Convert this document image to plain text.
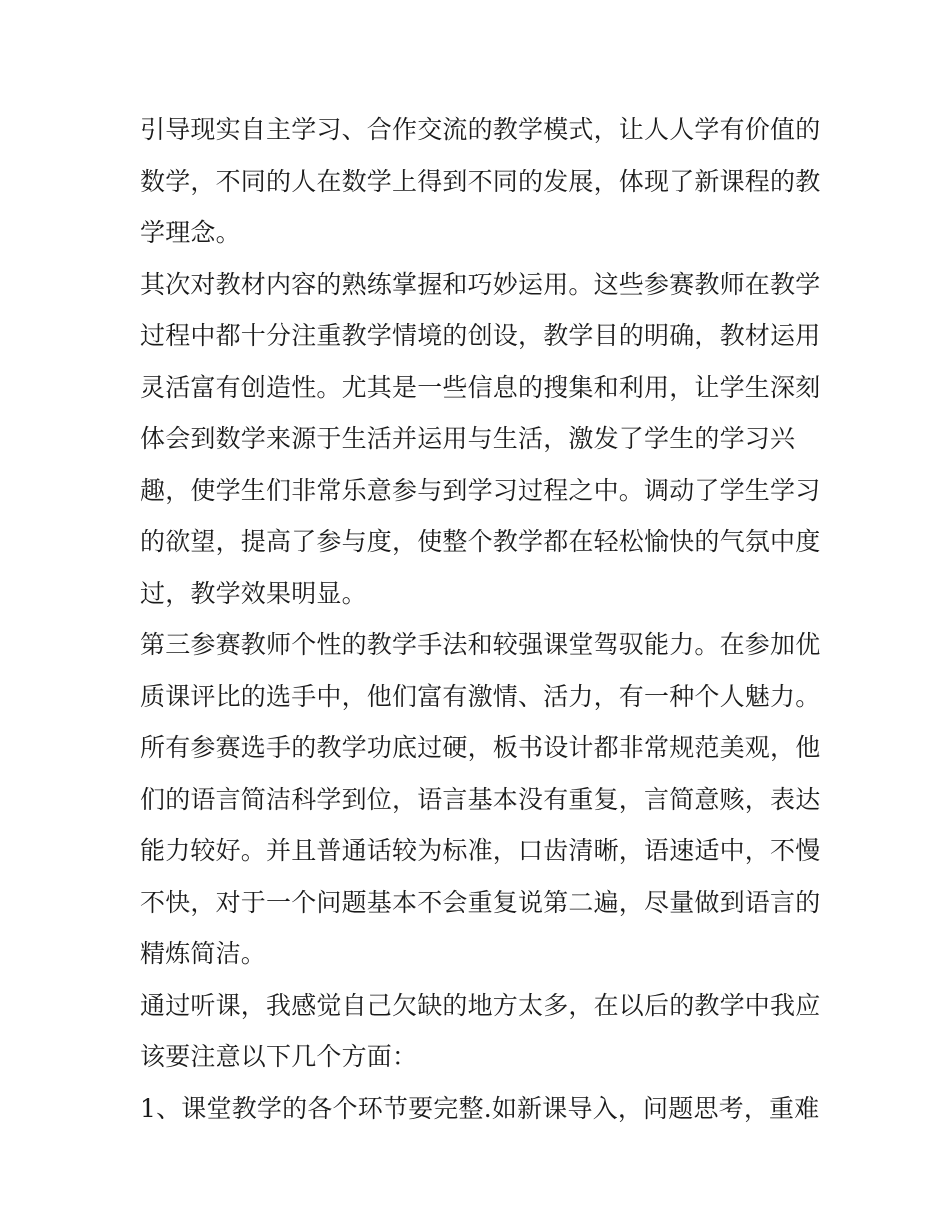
引导现实自主学习、合作交流的教学模式，让人人学有价值的
数学，不同的人在数学上得到不同的发展，体现了新课程的教
学理念。
其次对教材内容的熟练掌握和巧妙运用。这些参赛教师在教学
过程中都十分注重教学情境的创设，教学目的明确，教材运用
灵活富有创造性。尤其是一些信息的搜集和利用，让学生深刻
体会到数学来源于生活并运用与生活，激发了学生的学习兴
趣，使学生们非常乐意参与到学习过程之中。调动了学生学习
的欲望，提高了参与度，使整个教学都在轻松愉快的气氛中度
过，教学效果明显。
第三参赛教师个性的教学手法和较强课堂驾驭能力。在参加优
质课评比的选手中，他们富有激情、活力，有一种个人魅力。
所有参赛选手的教学功底过硬，板书设计都非常规范美观，他
们的语言简洁科学到位，语言基本没有重复，言简意赅，表达
能力较好。并且普通话较为标准，口齿清晰，语速适中，不慢
不快，对于一个问题基本不会重复说第二遍，尽量做到语言的
精炼简洁。
通过听课，我感觉自己欠缺的地方太多，在以后的教学中我应
该要注意以下几个方面：
1、课堂教学的各个环节要完整.如新课导入，问题思考，重难
